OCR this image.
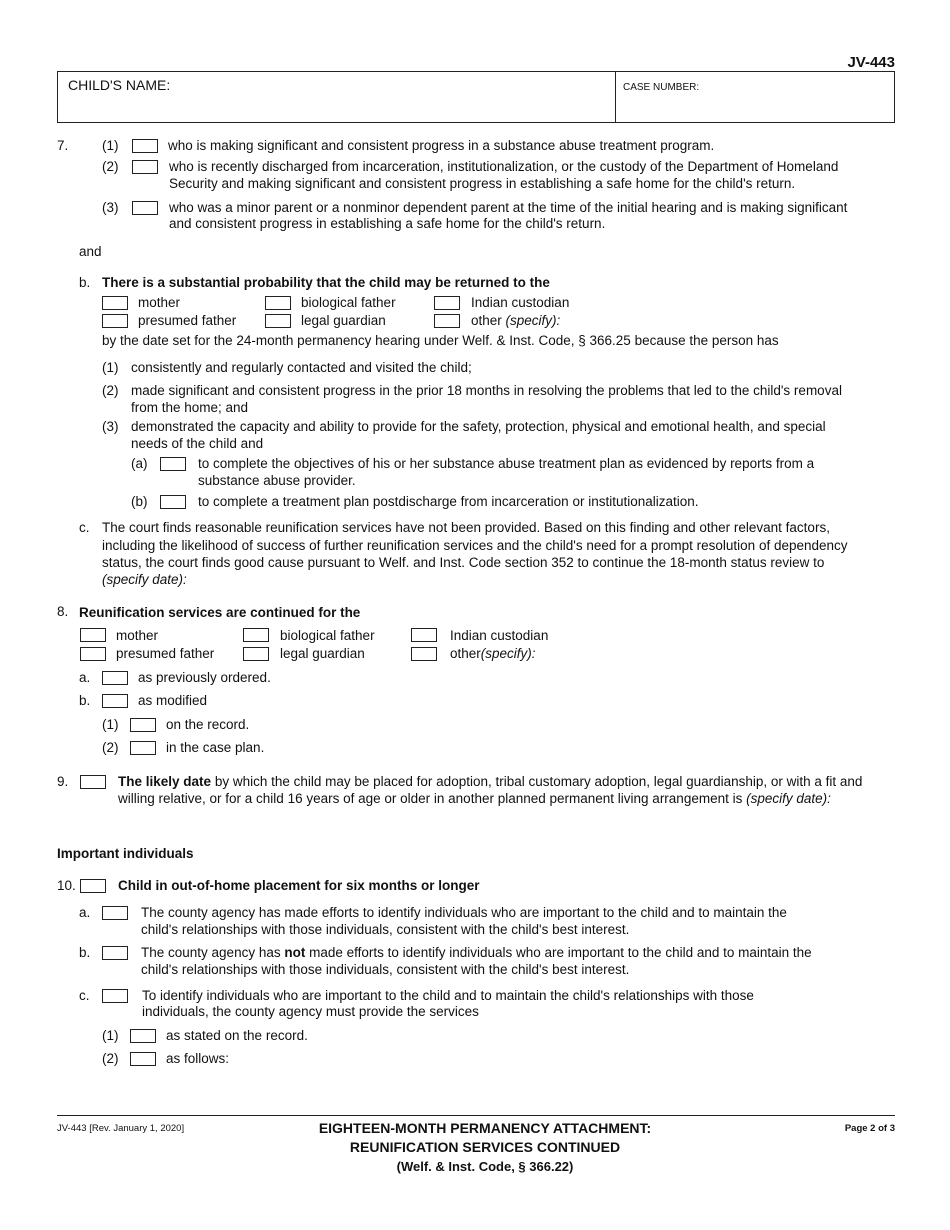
JV-443
CHILD'S NAME:	CASE NUMBER:
7. (1)	who is making significant and consistent progress in a substance abuse treatment program.
(2)	who is recently discharged from incarceration, institutionalization, or the custody of the Department of Homeland
Security and making significant and consistent progress in establishing a safe home for the child's return.
(3)	who was a minor parent or a nonminor dependent parent at the time of the initial hearing and is making significant
and consistent progress in establishing a safe home for the child's return.
and
b. There is a substantial probability that the child may be returned to the
mother	biological father	Indian custodian
presumed father	legal guardian	other (specify):
by the date set for the 24-month permanency hearing under Welf. & Inst. Code, § 366.25 because the person has
(1) consistently and regularly contacted and visited the child;
(2) made significant and consistent progress in the prior 18 months in resolving the problems that led to the child's removal
from the home; and
(3) demonstrated the capacity and ability to provide for the safety, protection, physical and emotional health, and special
needs of the child and
(a)	to complete the objectives of his or her substance abuse treatment plan as evidenced by reports from a
substance abuse provider.
(b)	to complete a treatment plan postdischarge from incarceration or institutionalization.
c. The court finds reasonable reunification services have not been provided. Based on this finding and other relevant factors,
including the likelihood of success of further reunification services and the child's need for a prompt resolution of dependency
status, the court finds good cause pursuant to Welf. and Inst. Code section 352 to continue the 18-month status review to
(specify date):
8. Reunification services are continued for the
mother	biological father	Indian custodian
presumed father	legal guardian	other(specify):
a.	as previously ordered.
b.	as modified
(1)	on the record.
(2)	in the case plan.
9.	The likely date by which the child may be placed for adoption, tribal customary adoption, legal guardianship, or with a fit and
willing relative, or for a child 16 years of age or older in another planned permanent living arrangement is (specify date):
Important individuals
10.	Child in out-of-home placement for six months or longer
a.	The county agency has made efforts to identify individuals who are important to the child and to maintain the
child's relationships with those individuals, consistent with the child's best interest.
b.	The county agency has not made efforts to identify individuals who are important to the child and to maintain the
child's relationships with those individuals, consistent with the child's best interest.
c.	To identify individuals who are important to the child and to maintain the child's relationships with those
individuals, the county agency must provide the services
(1)	as stated on the record.
(2)	as follows:
JV-443 [Rev. January 1, 2020]	EIGHTEEN-MONTH PERMANENCY ATTACHMENT:
REUNIFICATION SERVICES CONTINUED
(Welf. & Inst. Code, § 366.22)
Page 2 of 3
